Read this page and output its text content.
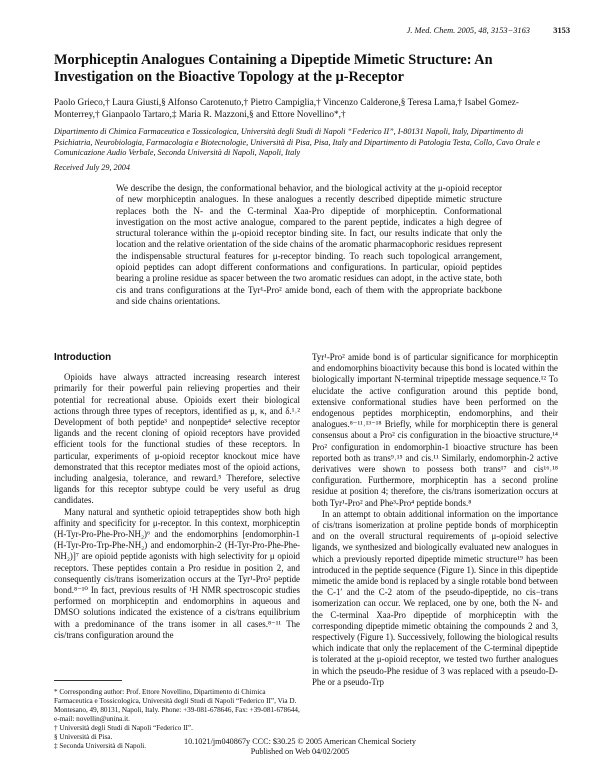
J. Med. Chem. 2005, 48, 3153−3163	3153
Morphiceptin Analogues Containing a Dipeptide Mimetic Structure: An Investigation on the Bioactive Topology at the μ-Receptor
Paolo Grieco,† Laura Giusti,§ Alfonso Carotenuto,† Pietro Campiglia,† Vincenzo Calderone,§ Teresa Lama,† Isabel Gomez-Monterrey,† Gianpaolo Tartaro,‡ Maria R. Mazzoni,§ and Ettore Novellino*,†
Dipartimento di Chimica Farmaceutica e Tossicologica, Università degli Studi di Napoli “Federico II”, I-80131 Napoli, Italy, Dipartimento di Psichiatria, Neurobiologia, Farmacologia e Biotecnologie, Università di Pisa, Pisa, Italy and Dipartimento di Patologia Testa, Collo, Cavo Orale e Comunicazione Audio Verbale, Seconda Università di Napoli, Napoli, Italy
Received July 29, 2004
We describe the design, the conformational behavior, and the biological activity at the μ-opioid receptor of new morphiceptin analogues. In these analogues a recently described dipeptide mimetic structure replaces both the N- and the C-terminal Xaa-Pro dipeptide of morphiceptin. Conformational investigation on the most active analogue, compared to the parent peptide, indicates a high degree of structural tolerance within the μ-opioid receptor binding site. In fact, our results indicate that only the location and the relative orientation of the side chains of the aromatic pharmacophoric residues represent the indispensable structural features for μ-receptor binding. To reach such topological arrangement, opioid peptides can adopt different conformations and configurations. In particular, opioid peptides bearing a proline residue as spacer between the two aromatic residues can adopt, in the active state, both cis and trans configurations at the Tyr¹-Pro² amide bond, each of them with the appropriate backbone and side chains orientations.
Introduction

Opioids have always attracted increasing research interest primarily for their powerful pain relieving properties and their potential for recreational abuse. Opioids exert their biological actions through three types of receptors, identified as μ, κ, and δ.¹˒² Development of both peptide³ and nonpeptide⁴ selective receptor ligands and the recent cloning of opioid receptors have provided efficient tools for the functional studies of these receptors. In particular, experiments of μ-opioid receptor knockout mice have demonstrated that this receptor mediates most of the opioid actions, including analgesia, tolerance, and reward.⁵ Therefore, selective ligands for this receptor subtype could be very useful as drug candidates.

Many natural and synthetic opioid tetrapeptides show both high affinity and specificity for μ-receptor. In this context, morphiceptin (H-Tyr-Pro-Phe-Pro-NH₂)⁶ and the endomorphins [endomorphin-1 (H-Tyr-Pro-Trp-Phe-NH₂) and endomorphin-2 (H-Tyr-Pro-Phe-Phe-NH₂)]⁷ are opioid peptide agonists with high selectivity for μ opioid receptors. These peptides contain a Pro residue in position 2, and consequently cis/trans isomerization occurs at the Tyr¹-Pro² peptide bond.⁸⁻¹⁰ In fact, previous results of ¹H NMR spectroscopic studies performed on morphiceptin and endomorphins in aqueous and DMSO solutions indicated the existence of a cis/trans equilibrium with a predominance of the trans isomer in all cases.⁸⁻¹¹ The cis/trans configuration around the

Tyr¹-Pro² amide bond is of particular significance for morphiceptin and endomorphins bioactivity because this bond is located within the biologically important N-terminal tripeptide message sequence.¹² To elucidate the active configuration around this peptide bond, extensive conformational studies have been performed on the endogenous peptides morphiceptin, endomorphins, and their analogues.⁸⁻¹¹˒¹³⁻¹⁸ Briefly, while for morphiceptin there is general consensus about a Pro² cis configuration in the bioactive structure,¹⁴ Pro² configuration in endomorphin-1 bioactive structure has been reported both as trans⁹˒¹⁵ and cis.¹¹ Similarly, endomorphin-2 active derivatives were shown to possess both trans¹⁷ and cis¹⁶˒¹⁸ configuration. Furthermore, morphiceptin has a second proline residue at position 4; therefore, the cis/trans isomerization occurs at both Tyr¹-Pro² and Phe³-Pro⁴ peptide bonds.⁸

In an attempt to obtain additional information on the importance of cis/trans isomerization at proline peptide bonds of morphiceptin and on the overall structural requirements of μ-opioid selective ligands, we synthesized and biologically evaluated new analogues in which a previously reported dipeptide mimetic structure¹⁹ has been introduced in the peptide sequence (Figure 1). Since in this dipeptide mimetic the amide bond is replaced by a single rotable bond between the C-1′ and the C-2 atom of the pseudo-dipeptide, no cis−trans isomerization can occur. We replaced, one by one, both the N- and the C-terminal Xaa-Pro dipeptide of morphiceptin with the corresponding dipeptide mimetic obtaining the compounds 2 and 3, respectively (Figure 1). Successively, following the biological results which indicate that only the replacement of the C-terminal dipeptide is tolerated at the μ-opioid receptor, we tested two further analogues in which the pseudo-Phe residue of 3 was replaced with a pseudo-D-Phe or a pseudo-Trp

* Corresponding author: Prof. Ettore Novellino, Dipartimento di Chimica Farmaceutica e Tossicologica, Università degli Studi di Napoli “Federico II”, Via D. Montesano, 49, 80131, Napoli, Italy. Phone: +39-081-678646, Fax: +39-081-678644, e-mail: novellin@unina.it.
† Università degli Studi di Napoli “Federico II”.
§ Università di Pisa.
‡ Seconda Università di Napoli.	10.1021/jm040867y CCC: $30.25 © 2005 American Chemical Society
Published on Web 04/02/2005
